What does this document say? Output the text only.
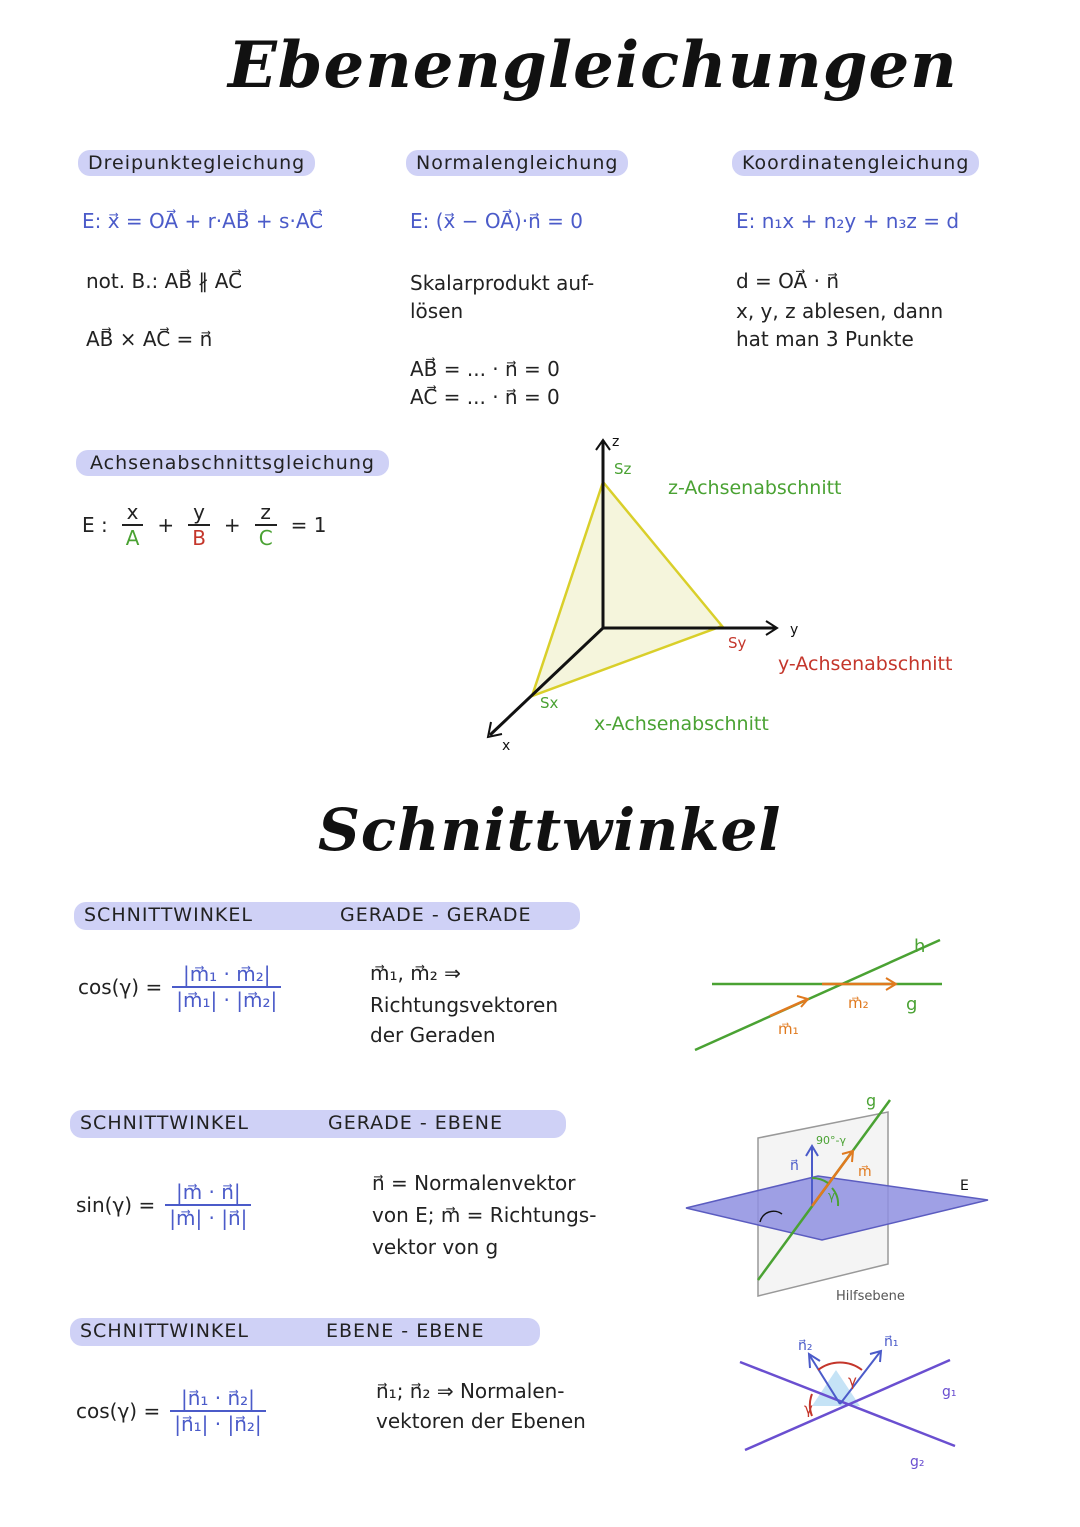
Ebenengleichungen
Dreipunktegleichung
E: x⃗ = OA⃗ + r·AB⃗ + s·AC⃗
not. B.: AB⃗ ∦ AC⃗
AB⃗ × AC⃗ = n⃗
Normalengleichung
E: (x⃗ − OA⃗)·n⃗ = 0
Skalarprodukt auf-
lösen
AB⃗ = ... · n⃗ = 0
AC⃗ = ... · n⃗ = 0
Koordinatengleichung
E: n₁x + n₂y + n₃z = d
d = OA⃗ · n⃗
x, y, z ablesen, dann
hat man 3 Punkte
Achsenabschnittsgleichung
E : $\frac{x}{A} + \frac{y}{B} + \frac{z}{C} = 1$
z
y
x
Sz
Sy
Sx
z-Achsenabschnitt
y-Achsenabschnitt
x-Achsenabschnitt
Schnittwinkel
SCHNITTWINKEL	GERADE - GERADE
$\cos(\gamma) = \frac{\text{|m⃗₁ · m⃗₂|}}{\text{|m⃗₁| · |m⃗₂|}}$	m⃗₁, m⃗₂ ⇒
Richtungsvektoren
der Geraden
h
g
m⃗₁
m⃗₂
SCHNITTWINKEL	GERADE - EBENE
$\sin(\gamma) = \frac{|m⃗ \cdot n⃗|}{|m⃗| \cdot |n⃗|}$	n⃗ = Normalenvektor
von E; m⃗ = Richtungs-
vektor von g
g
E
n⃗	m⃗
90°-γ
γ
Hilfsebene
SCHNITTWINKEL	EBENE - EBENE
$\cos(\gamma) = \frac{\text{|n⃗₁ · n⃗₂|}}{\text{|n⃗₁| · |n⃗₂|}}$	n⃗₁; n⃗₂ ⇒ Normalen-
vektoren der Ebenen
n⃗₂	n⃗₁
g₁
g₂
γ
γ
